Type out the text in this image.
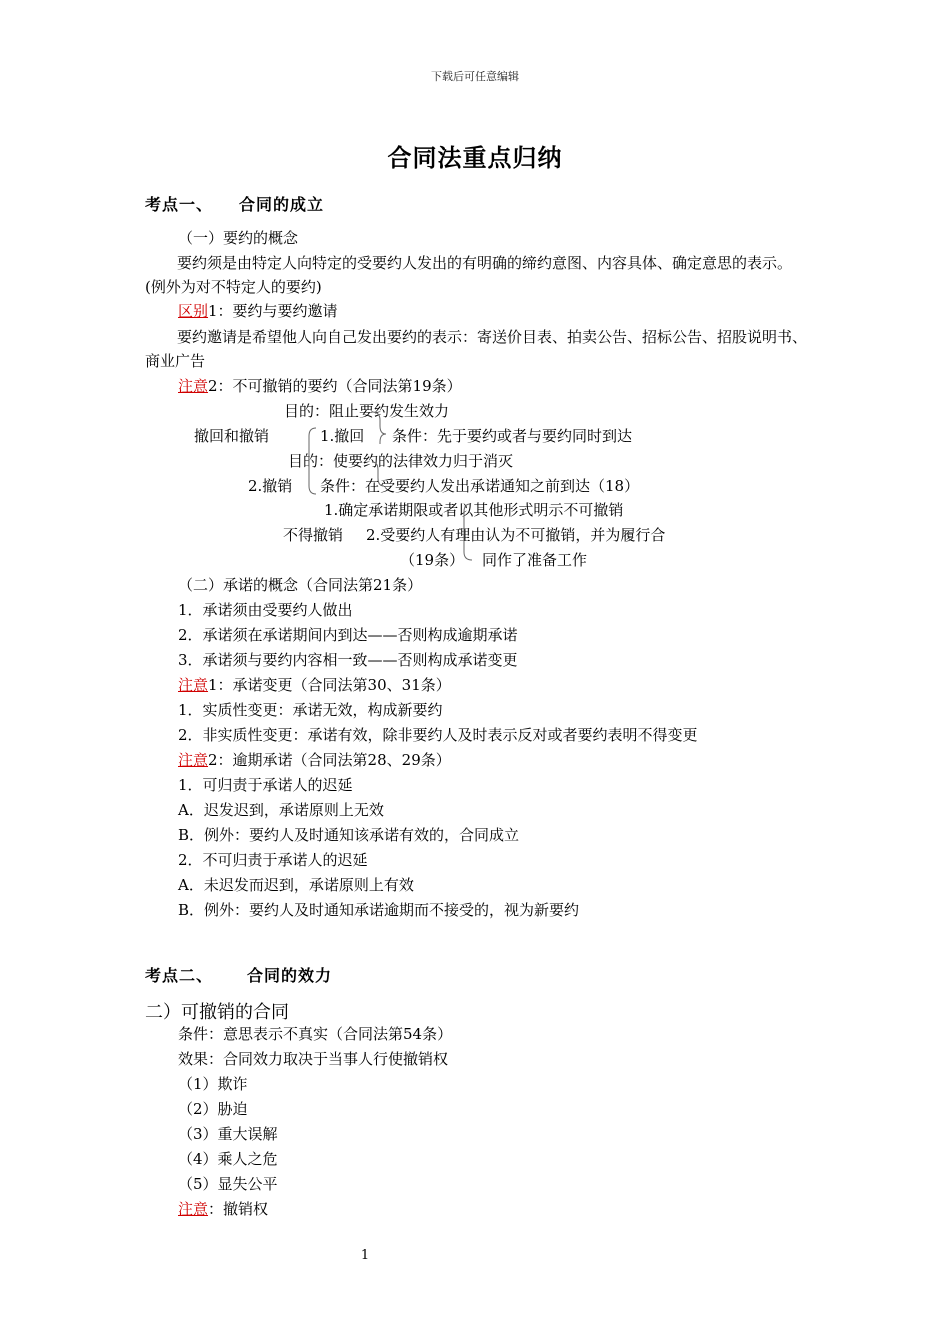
下载后可任意编辑
合同法重点归纳
考点一、 合同的成立
（一）要约的概念
要约须是由特定人向特定的受要约人发出的有明确的缔约意图、内容具体、确定意思的表示。(例外为对不特定人的要约)
区别1：要约与要约邀请
要约邀请是希望他人向自己发出要约的表示：寄送价目表、拍卖公告、招标公告、招股说明书、商业广告
注意2：不可撤销的要约（合同法第19条）
目的：阻止要约发生效力
撤回和撤销	1.撤回 条件：先于要约或者与要约同时到达
目的：使要约的法律效力归于消灭
2.撤销 条件：在受要约人发出承诺通知之前到达（18）
1.确定承诺期限或者以其他形式明示不可撤销
不得撤销 2.受要约人有理由认为不可撤销，并为履行合
（19条） 同作了准备工作
（二）承诺的概念（合同法第21条）
1．承诺须由受要约人做出
2．承诺须在承诺期间内到达——否则构成逾期承诺
3．承诺须与要约内容相一致——否则构成承诺变更
注意1：承诺变更（合同法第30、31条）
1．实质性变更：承诺无效，构成新要约
2．非实质性变更：承诺有效，除非要约人及时表示反对或者要约表明不得变更
注意2：逾期承诺（合同法第28、29条）
1．可归责于承诺人的迟延
A．迟发迟到，承诺原则上无效
B．例外：要约人及时通知该承诺有效的，合同成立
2．不可归责于承诺人的迟延
A．未迟发而迟到，承诺原则上有效
B．例外：要约人及时通知承诺逾期而不接受的，视为新要约
考点二、 合同的效力
二）可撤销的合同
条件：意思表示不真实（合同法第54条）
效果：合同效力取决于当事人行使撤销权
（1）欺诈
（2）胁迫
（3）重大误解
（4）乘人之危
（5）显失公平
注意：撤销权
1
